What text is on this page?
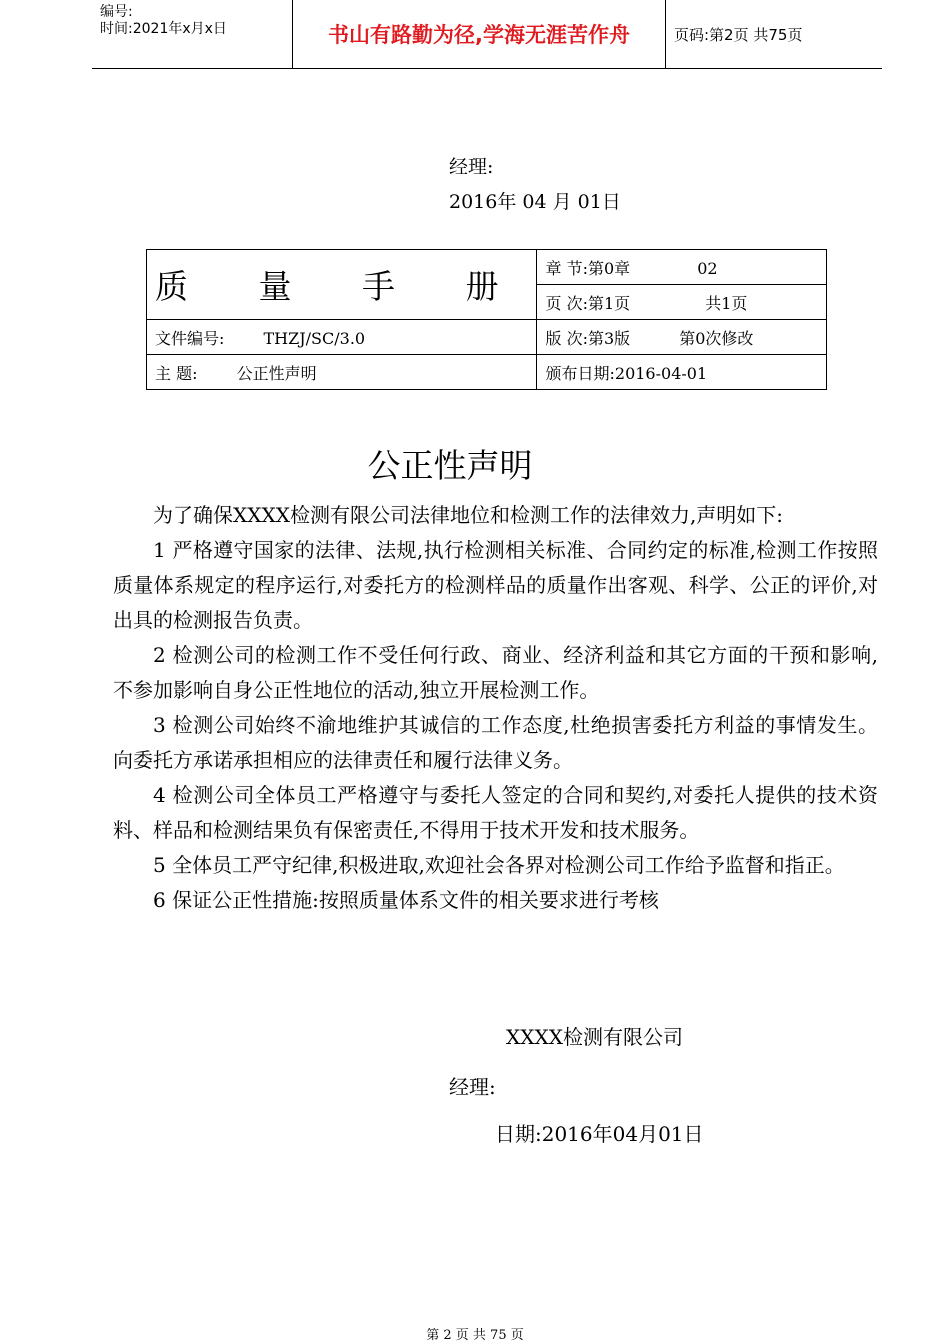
编号:
时间:2021年x月x日	书山有路勤为径,学海无涯苦作舟	页码:第2页 共75页
经理:
2016年 04 月 01日
质 量 手 册	章 节:第0章 02
	页 次:第1页 共1页
文件编号: THZJ/SC/3.0	版 次:第3版 第0次修改
主 题: 公正性声明	颁布日期:2016-04-01
公正性声明

为了确保XXXX检测有限公司法律地位和检测工作的法律效力,声明如下:

1 严格遵守国家的法律、法规,执行检测相关标准、合同约定的标准,检测工作按照质量体系规定的程序运行,对委托方的检测样品的质量作出客观、科学、公正的评价,对出具的检测报告负责。

2 检测公司的检测工作不受任何行政、商业、经济利益和其它方面的干预和影响,不参加影响自身公正性地位的活动,独立开展检测工作。

3 检测公司始终不渝地维护其诚信的工作态度,杜绝损害委托方利益的事情发生。向委托方承诺承担相应的法律责任和履行法律义务。

4 检测公司全体员工严格遵守与委托人签定的合同和契约,对委托人提供的技术资料、样品和检测结果负有保密责任,不得用于技术开发和技术服务。

5 全体员工严守纪律,积极进取,欢迎社会各界对检测公司工作给予监督和指正。

6 保证公正性措施:按照质量体系文件的相关要求进行考核

XXXX检测有限公司
经理:
日期:2016年04月01日
第 2 页 共 75 页
